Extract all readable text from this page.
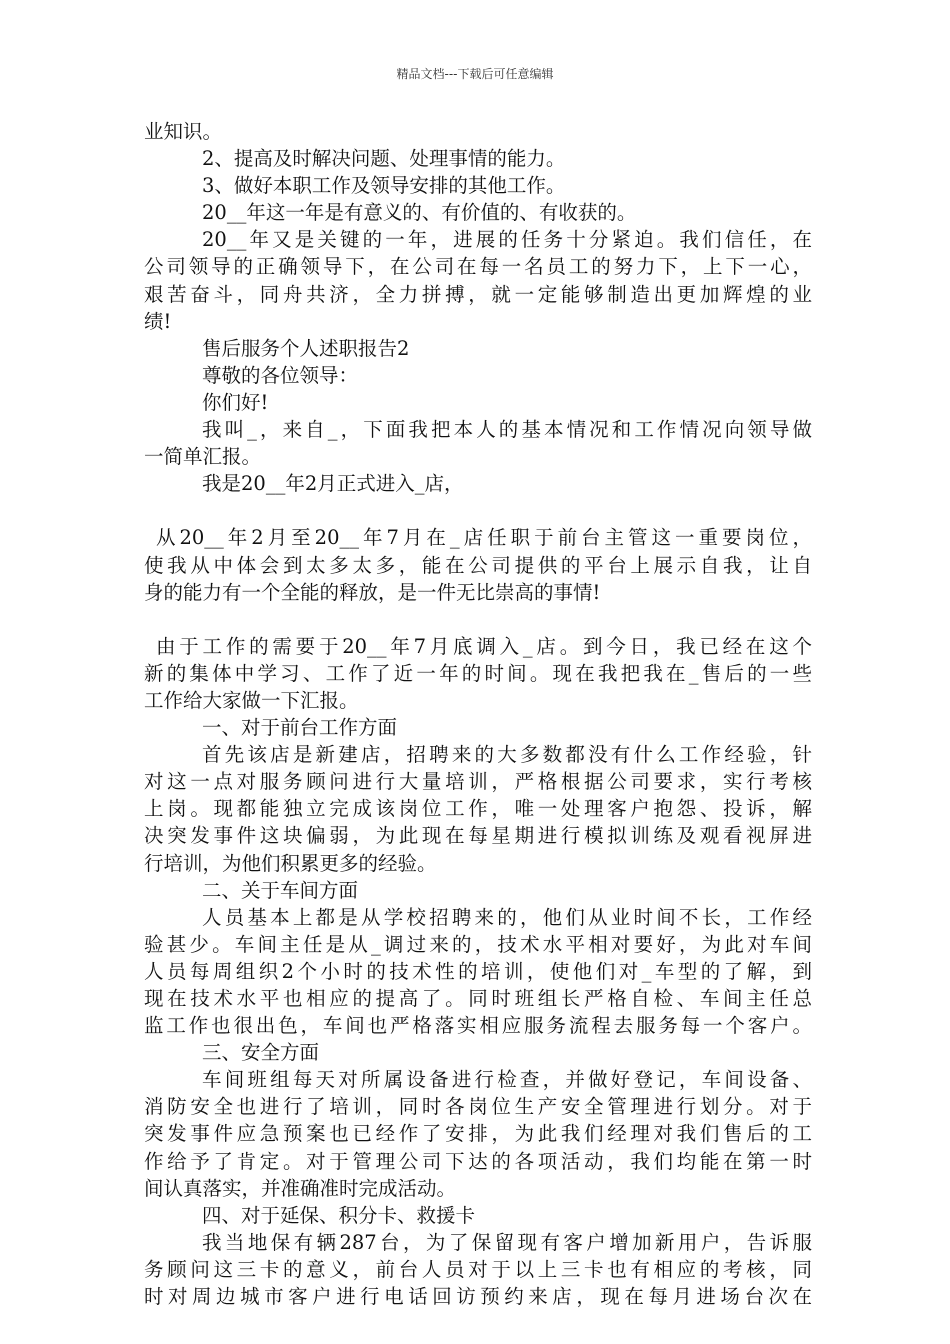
精品文档---下载后可任意编辑
业知识。
2、提高及时解决问题、处理事情的能力。
3、做好本职工作及领导安排的其他工作。
20__年这一年是有意义的、有价值的、有收获的。
20__年又是关键的一年，进展的任务十分紧迫。我们信任，在
公司领导的正确领导下，在公司在每一名员工的努力下，上下一心，
艰苦奋斗，同舟共济，全力拼搏，就一定能够制造出更加辉煌的业
绩!
售后服务个人述职报告2
尊敬的各位领导：
你们好!
我叫_，来自_，下面我把本人的基本情况和工作情况向领导做
一简单汇报。
我是20__年2月正式进入_店，
从20__年2月至20__年7月在_店任职于前台主管这一重要岗位，
使我从中体会到太多太多，能在公司提供的平台上展示自我，让自
身的能力有一个全能的释放，是一件无比崇高的事情!
由于工作的需要于20__年7月底调入_店。到今日，我已经在这个
新的集体中学习、工作了近一年的时间。现在我把我在_售后的一些
工作给大家做一下汇报。
一、对于前台工作方面
首先该店是新建店，招聘来的大多数都没有什么工作经验，针
对这一点对服务顾问进行大量培训，严格根据公司要求，实行考核
上岗。现都能独立完成该岗位工作，唯一处理客户抱怨、投诉，解
决突发事件这块偏弱，为此现在每星期进行模拟训练及观看视屏进
行培训，为他们积累更多的经验。
二、关于车间方面
人员基本上都是从学校招聘来的，他们从业时间不长，工作经
验甚少。车间主任是从_调过来的，技术水平相对要好，为此对车间
人员每周组织2个小时的技术性的培训，使他们对_车型的了解，到
现在技术水平也相应的提高了。同时班组长严格自检、车间主任总
监工作也很出色，车间也严格落实相应服务流程去服务每一个客户。
三、安全方面
车间班组每天对所属设备进行检查，并做好登记，车间设备、
消防安全也进行了培训，同时各岗位生产安全管理进行划分。对于
突发事件应急预案也已经作了安排，为此我们经理对我们售后的工
作给予了肯定。对于管理公司下达的各项活动，我们均能在第一时
间认真落实，并准确准时完成活动。
四、对于延保、积分卡、救援卡
我当地保有辆287台，为了保留现有客户增加新用户，告诉服
务顾问这三卡的意义，前台人员对于以上三卡也有相应的考核，同
时对周边城市客户进行电话回访预约来店，现在每月进场台次在
